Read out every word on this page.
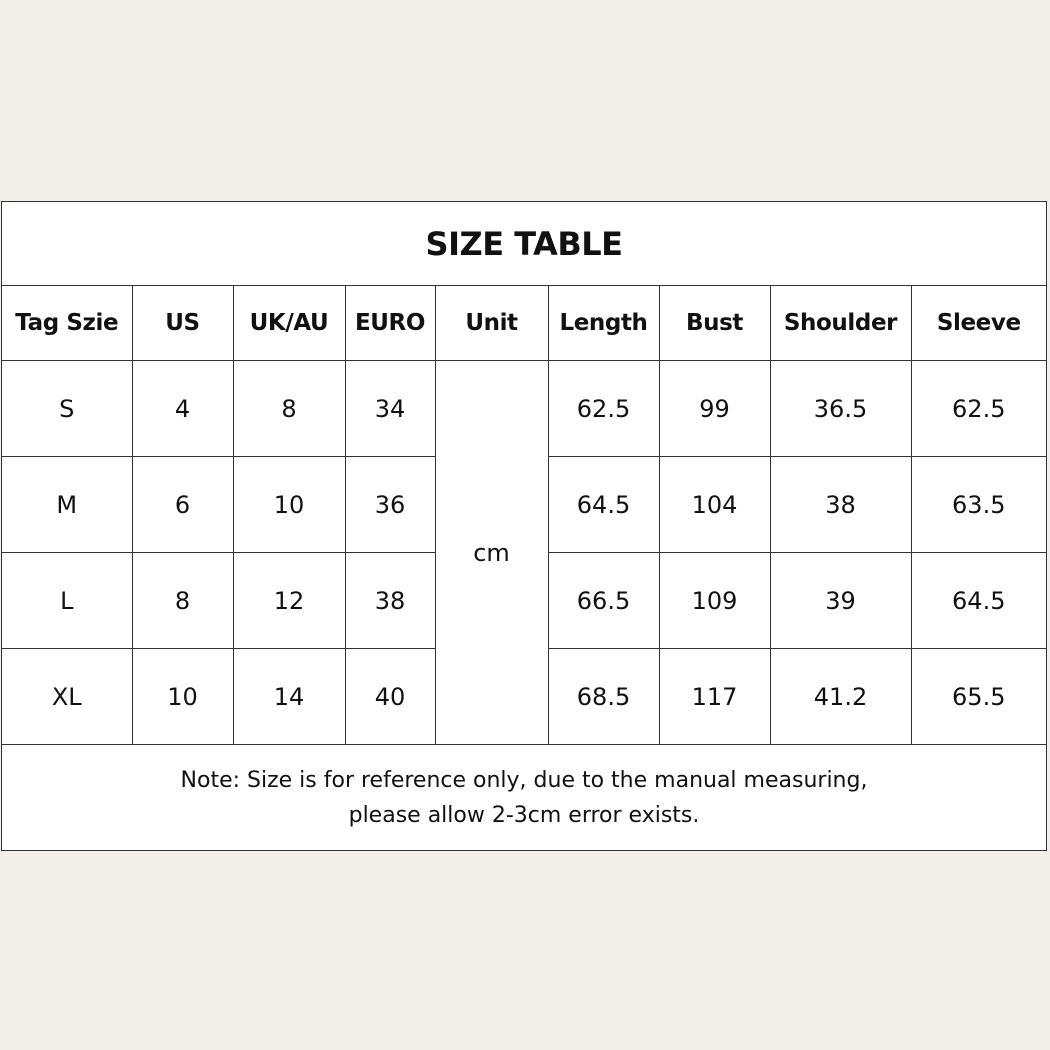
SIZE TABLE
Tag Szie	US	UK/AU	EURO	Unit	Length	Bust	Shoulder	Sleeve
S	4	8	34	cm	62.5	99	36.5	62.5
M	6	10	36		64.5	104	38	63.5
L	8	12	38		66.5	109	39	64.5
XL	10	14	40		68.5	117	41.2	65.5
Note: Size is for reference only, due to the manual measuring,
please allow 2-3cm error exists.
